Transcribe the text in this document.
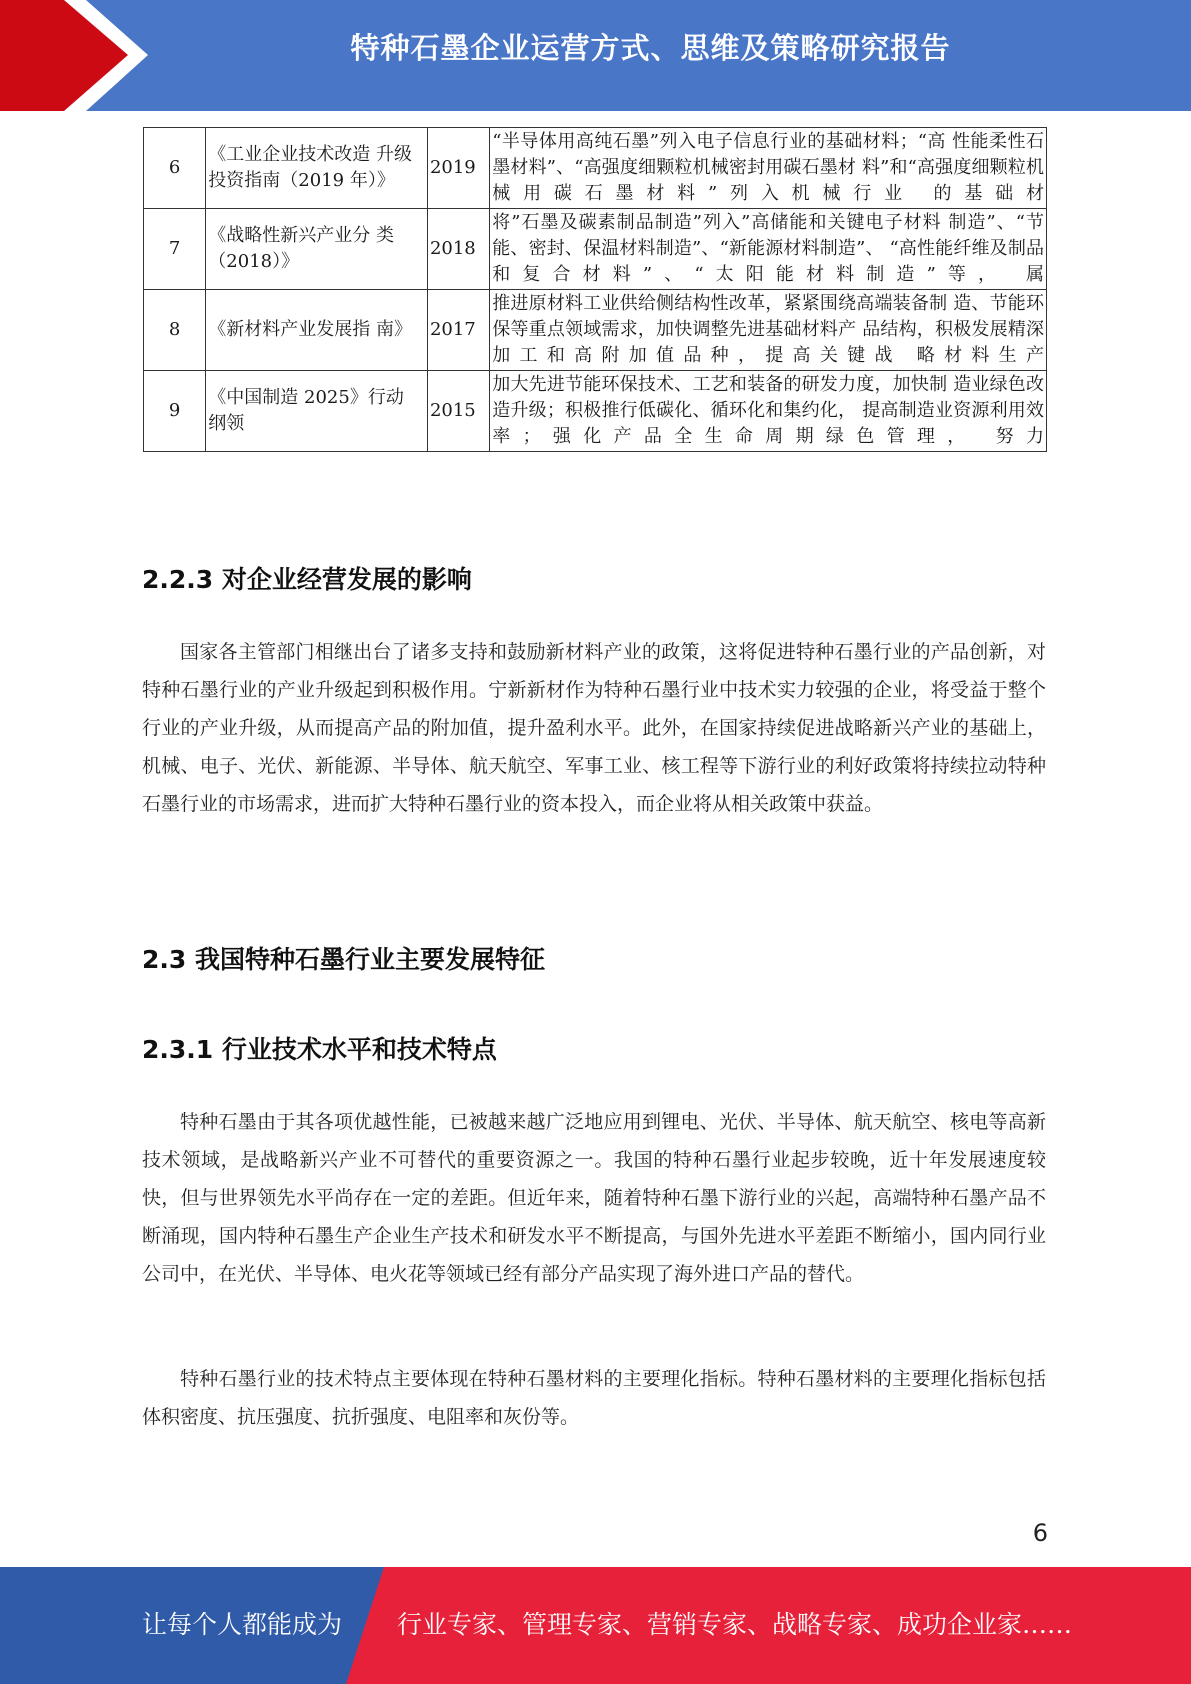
特种石墨企业运营方式、思维及策略研究报告
6	《工业企业技术改造 升级投资指南（2019 年）》	2019	“半导体用高纯石墨”列入电子信息行业的基础材料；“高 性能柔性石墨材料”、“高强度细颗粒机械密封用碳石墨材 料”和“高强度细颗粒机械用碳石墨材料”列入机械行业 的基础材

7	《战略性新兴产业分 类（2018）》	2018	将”石墨及碳素制品制造”列入”高储能和关键电子材料 制造”、“节能、密封、保温材料制造”、“新能源材料制造”、 “高性能纤维及制品和复合材料”、“太阳能材料制造”等， 属

8	《新材料产业发展指 南》	2017	推进原材料工业供给侧结构性改革，紧紧围绕高端装备制 造、节能环保等重点领域需求，加快调整先进基础材料产 品结构，积极发展精深加工和高附加值品种，提高关键战 略材料生产

9	《中国制造 2025》行动 纲领	2015	加大先进节能环保技术、工艺和装备的研发力度，加快制 造业绿色改造升级；积极推行低碳化、循环化和集约化， 提高制造业资源利用效率；强化产品全生命周期绿色管理， 努力
2.2.3 对企业经营发展的影响

国家各主管部门相继出台了诸多支持和鼓励新材料产业的政策，这将促进特种石墨行业的产品创新，对特种石墨行业的产业升级起到积极作用。宁新新材作为特种石墨行业中技术实力较强的企业，将受益于整个行业的产业升级，从而提高产品的附加值，提升盈利水平。此外，在国家持续促进战略新兴产业的基础上，机械、电子、光伏、新能源、半导体、航天航空、军事工业、核工程等下游行业的利好政策将持续拉动特种石墨行业的市场需求，进而扩大特种石墨行业的资本投入，而企业将从相关政策中获益。

2.3 我国特种石墨行业主要发展特征
2.3.1 行业技术水平和技术特点

特种石墨由于其各项优越性能，已被越来越广泛地应用到锂电、光伏、半导体、航天航空、核电等高新技术领域，是战略新兴产业不可替代的重要资源之一。我国的特种石墨行业起步较晚，近十年发展速度较快，但与世界领先水平尚存在一定的差距。但近年来，随着特种石墨下游行业的兴起，高端特种石墨产品不断涌现，国内特种石墨生产企业生产技术和研发水平不断提高，与国外先进水平差距不断缩小，国内同行业公司中，在光伏、半导体、电火花等领域已经有部分产品实现了海外进口产品的替代。

特种石墨行业的技术特点主要体现在特种石墨材料的主要理化指标。特种石墨材料的主要理化指标包括体积密度、抗压强度、抗折强度、电阻率和灰份等。

6
让每个人都能成为 行业专家、管理专家、营销专家、战略专家、成功企业家……
